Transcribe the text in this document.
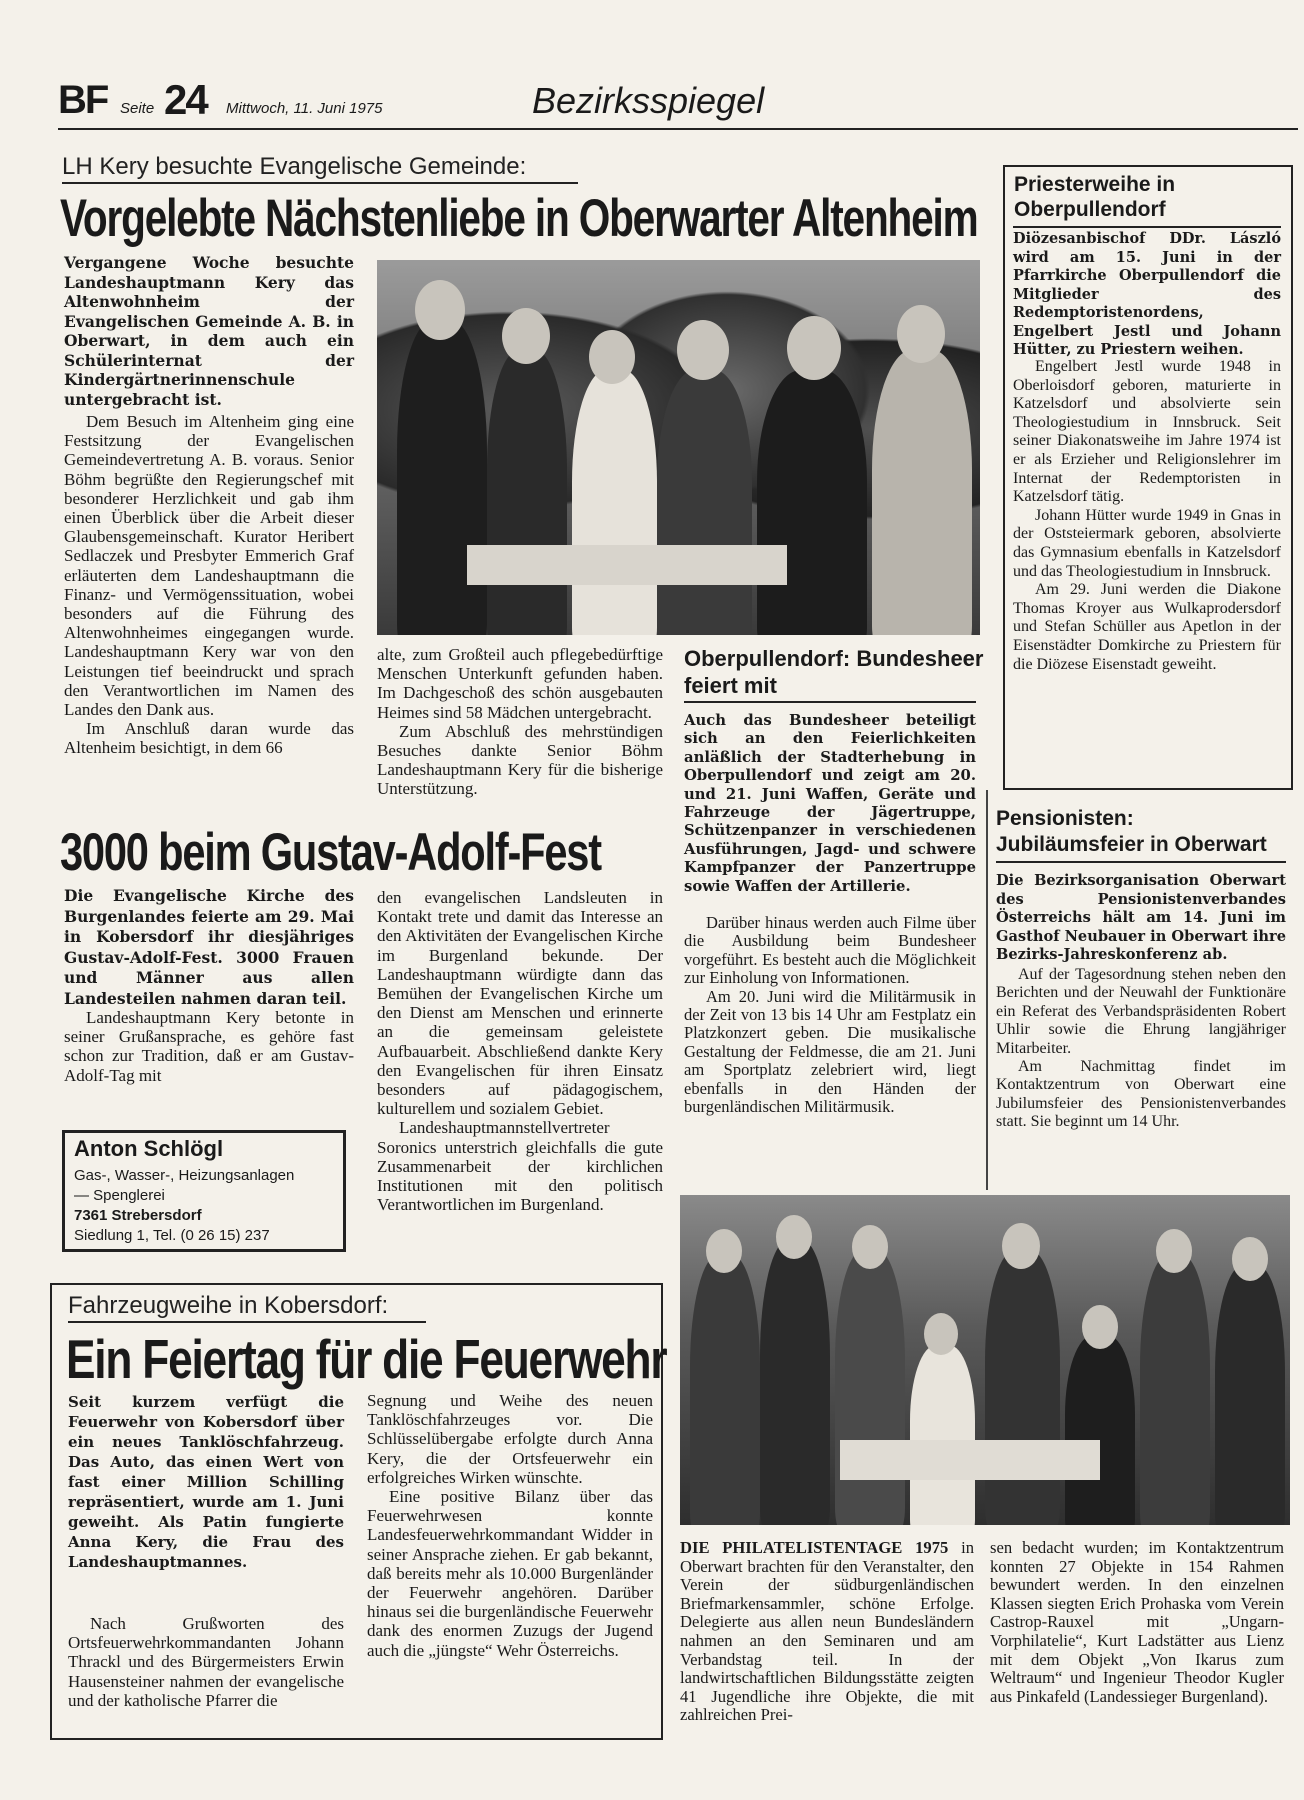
BF Seite 24 Mittwoch, 11. Juni 1975	Bezirksspiegel
LH Kery besuchte Evangelische Gemeinde:
Vorgelebte Nächstenliebe in Oberwarter Altenheim
Vergangene Woche besuchte Landeshauptmann Kery das Altenwohnheim der Evangelischen Gemeinde A. B. in Oberwart, in dem auch ein Schülerinternat der Kindergärtnerinnenschule untergebracht ist.

Dem Besuch im Altenheim ging eine Festsitzung der Evangelischen Gemeindevertretung A. B. voraus. Senior Böhm begrüßte den Regierungschef mit besonderer Herzlichkeit und gab ihm einen Überblick über die Arbeit dieser Glaubensgemeinschaft. Kurator Heribert Sedlaczek und Presbyter Emmerich Graf erläuterten dem Landeshauptmann die Finanz- und Vermögenssituation, wobei besonders auf die Führung des Altenwohnheimes eingegangen wurde. Landeshauptmann Kery war von den Leistungen tief beeindruckt und sprach den Verantwortlichen im Namen des Landes den Dank aus.

Im Anschluß daran wurde das Altenheim besichtigt, in dem 66

alte, zum Großteil auch pflegebedürftige Menschen Unterkunft gefunden haben. Im Dachgeschoß des schön ausgebauten Heimes sind 58 Mädchen untergebracht.

Zum Abschluß des mehrstündigen Besuches dankte Senior Böhm Landeshauptmann Kery für die bisherige Unterstützung.

Priesterweihe in Oberpullendorf
Diözesanbischof DDr. László wird am 15. Juni in der Pfarrkirche Oberpullendorf die Mitglieder des Redemptoristenordens, Engelbert Jestl und Johann Hütter, zu Priestern weihen.

Engelbert Jestl wurde 1948 in Oberloisdorf geboren, maturierte in Katzelsdorf und absolvierte sein Theologiestudium in Innsbruck. Seit seiner Diakonatsweihe im Jahre 1974 ist er als Erzieher und Religionslehrer im Internat der Redemptoristen in Katzelsdorf tätig.

Johann Hütter wurde 1949 in Gnas in der Oststeiermark geboren, absolvierte das Gymnasium ebenfalls in Katzelsdorf und das Theologiestudium in Innsbruck.

Am 29. Juni werden die Diakone Thomas Kroyer aus Wulkaprodersdorf und Stefan Schüller aus Apetlon in der Eisenstädter Domkirche zu Priestern für die Diözese Eisenstadt geweiht.

Oberpullendorf: Bundesheer feiert mit
Auch das Bundesheer beteiligt sich an den Feierlichkeiten anläßlich der Stadterhebung in Oberpullendorf und zeigt am 20. und 21. Juni Waffen, Geräte und Fahrzeuge der Jägertruppe, Schützenpanzer in verschiedenen Ausführungen, Jagd- und schwere Kampfpanzer der Panzertruppe sowie Waffen der Artillerie.

Darüber hinaus werden auch Filme über die Ausbildung beim Bundesheer vorgeführt. Es besteht auch die Möglichkeit zur Einholung von Informationen.

Am 20. Juni wird die Militärmusik in der Zeit von 13 bis 14 Uhr am Festplatz ein Platzkonzert geben. Die musikalische Gestaltung der Feldmesse, die am 21. Juni am Sportplatz zelebriert wird, liegt ebenfalls in den Händen der burgenländischen Militärmusik.

Pensionisten: Jubiläumsfeier in Oberwart
Die Bezirksorganisation Oberwart des Pensionistenverbandes Österreichs hält am 14. Juni im Gasthof Neubauer in Oberwart ihre Bezirks-Jahreskonferenz ab.

Auf der Tagesordnung stehen neben den Berichten und der Neuwahl der Funktionäre ein Referat des Verbandspräsidenten Robert Uhlir sowie die Ehrung langjähriger Mitarbeiter.

Am Nachmittag findet im Kontaktzentrum von Oberwart eine Jubilumsfeier des Pensionistenverbandes statt. Sie beginnt um 14 Uhr.

3000 beim Gustav-Adolf-Fest
Die Evangelische Kirche des Burgenlandes feierte am 29. Mai in Kobersdorf ihr diesjähriges Gustav-Adolf-Fest. 3000 Frauen und Männer aus allen Landesteilen nahmen daran teil.

Landeshauptmann Kery betonte in seiner Grußansprache, es gehöre fast schon zur Tradition, daß er am Gustav-Adolf-Tag mit

den evangelischen Landsleuten in Kontakt trete und damit das Interesse an den Aktivitäten der Evangelischen Kirche im Burgenland bekunde. Der Landeshauptmann würdigte dann das Bemühen der Evangelischen Kirche um den Dienst am Menschen und erinnerte an die gemeinsam geleistete Aufbauarbeit. Abschließend dankte Kery den Evangelischen für ihren Einsatz besonders auf pädagogischem, kulturellem und sozialem Gebiet.

Landeshauptmannstellvertreter Soronics unterstrich gleichfalls die gute Zusammenarbeit der kirchlichen Institutionen mit den politisch Verantwortlichen im Burgenland.

Anton Schlögl
Gas-, Wasser-, Heizungsanlagen
— Spenglerei
7361 Strebersdorf
Siedlung 1, Tel. (0 26 15) 237
Fahrzeugweihe in Kobersdorf:
Ein Feiertag für die Feuerwehr
Seit kurzem verfügt die Feuerwehr von Kobersdorf über ein neues Tanklöschfahrzeug. Das Auto, das einen Wert von fast einer Million Schilling repräsentiert, wurde am 1. Juni geweiht. Als Patin fungierte Anna Kery, die Frau des Landeshauptmannes.

Nach Grußworten des Ortsfeuerwehrkommandanten Johann Thrackl und des Bürgermeisters Erwin Hausensteiner nahmen der evangelische und der katholische Pfarrer die

Segnung und Weihe des neuen Tanklöschfahrzeuges vor. Die Schlüsselübergabe erfolgte durch Anna Kery, die der Ortsfeuerwehr ein erfolgreiches Wirken wünschte.

Eine positive Bilanz über das Feuerwehrwesen konnte Landesfeuerwehrkommandant Widder in seiner Ansprache ziehen. Er gab bekannt, daß bereits mehr als 10.000 Burgenländer der Feuerwehr angehören. Darüber hinaus sei die burgenländische Feuerwehr dank des enormen Zuzugs der Jugend auch die „jüngste“ Wehr Österreichs.

DIE PHILATELISTENTAGE 1975 in Oberwart brachten für den Veranstalter, den Verein der südburgenländischen Briefmarkensammler, schöne Erfolge. Delegierte aus allen neun Bundesländern nahmen an den Seminaren und am Verbandstag teil. In der landwirtschaftlichen Bildungsstätte zeigten 41 Jugendliche ihre Objekte, die mit zahlreichen Prei-

sen bedacht wurden; im Kontaktzentrum konnten 27 Objekte in 154 Rahmen bewundert werden. In den einzelnen Klassen siegten Erich Prohaska vom Verein Castrop-Rauxel mit „Ungarn-Vorphilatelie“, Kurt Ladstätter aus Lienz mit dem Objekt „Von Ikarus zum Weltraum“ und Ingenieur Theodor Kugler aus Pinkafeld (Landessieger Burgenland).
